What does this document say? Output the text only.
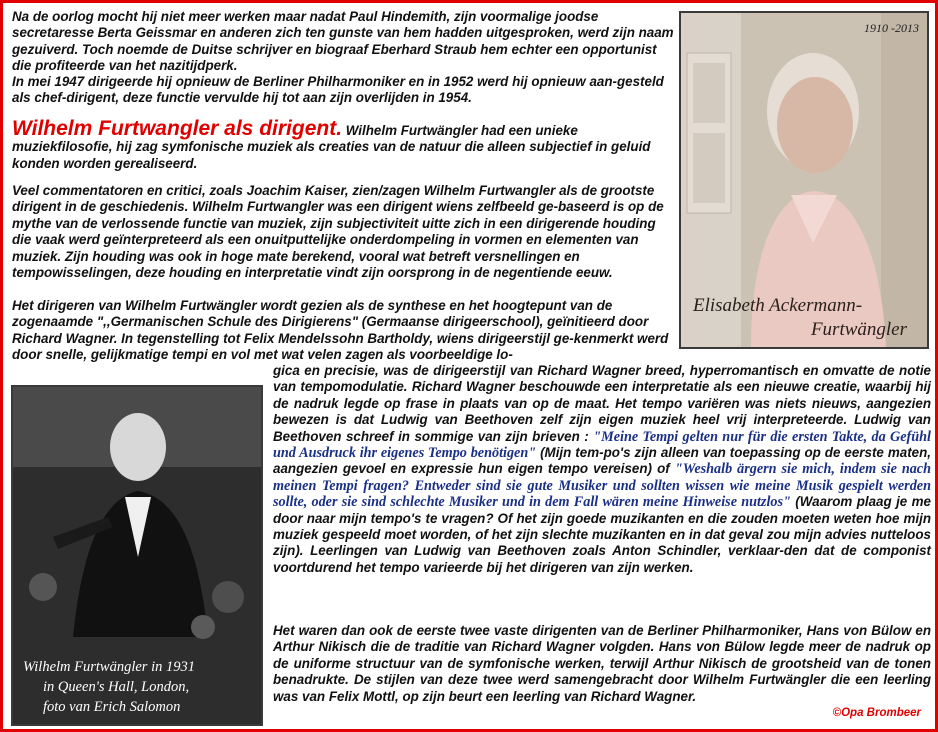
1910 -2013
Elisabeth Ackermann-
Furtwängler
Wilhelm Furtwängler in 1931
in Queen's Hall, London,
foto van Erich Salomon

Na de oorlog mocht hij niet meer werken maar nadat Paul Hindemith, zijn voormalige joodse secretaresse Berta Geissmar en anderen zich ten gunste van hem hadden uitgesproken, werd zijn naam gezuiverd. Toch noemde de Duitse schrijver en biograaf Eberhard Straub hem echter een opportunist die profiteerde van het nazitijdperk.

In mei 1947 dirigeerde hij opnieuw de Berliner Philharmoniker en in 1952 werd hij opnieuw aan-gesteld als chef-dirigent, deze functie vervulde hij tot aan zijn overlijden in 1954.

Wilhelm Furtwangler als dirigent. Wilhelm Furtwängler had een unieke muziekfilosofie, hij zag symfonische muziek als creaties van de natuur die alleen subjectief in geluid konden worden gerealiseerd.

Veel commentatoren en critici, zoals Joachim Kaiser, zien/zagen Wilhelm Furtwangler als de grootste dirigent in de geschiedenis. Wilhelm Furtwangler was een dirigent wiens zelfbeeld ge-baseerd is op de mythe van de verlossende functie van muziek, zijn subjectiviteit uitte zich in een dirigerende houding die vaak werd geïnterpreteerd als een onuitputtelijke onderdompeling in vormen en elementen van muziek. Zijn houding was ook in hoge mate berekend, vooral wat betreft versnellingen en tempowisselingen, deze houding en interpretatie vindt zijn oorsprong in de negentiende eeuw.

Het dirigeren van Wilhelm Furtwängler wordt gezien als de synthese en het hoogtepunt van de zogenaamde ",,Germanischen Schule des Dirigierens" (Germaanse dirigeerschool), geïnitieerd door Richard Wagner. In tegenstelling tot Felix Mendelssohn Bartholdy, wiens dirigeerstijl ge-kenmerkt werd door snelle, gelijkmatige tempi en vol met wat velen zagen als voorbeeldige lo-

gica en precisie, was de dirigeerstijl van Richard Wagner breed, hyperromantisch en omvatte de notie van tempomodulatie. Richard Wagner beschouwde een interpretatie als een nieuwe creatie, waarbij hij de nadruk legde op frase in plaats van op de maat. Het tempo variëren was niets nieuws, aangezien bewezen is dat Ludwig van Beethoven zelf zijn eigen muziek heel vrij interpreteerde. Ludwig van Beethoven schreef in sommige van zijn brieven : "Meine Tempi gelten nur für die ersten Takte, da Gefühl und Ausdruck ihr eigenes Tempo benötigen" (Mijn tem-po's zijn alleen van toepassing op de eerste maten, aangezien gevoel en expressie hun eigen tempo vereisen) of "Weshalb ärgern sie mich, indem sie nach meinen Tempi fragen? Entweder sind sie gute Musiker und sollten wissen wie meine Musik gespielt werden sollte, oder sie sind schlechte Musiker und in dem Fall wären meine Hinweise nutzlos" (Waarom plaag je me door naar mijn tempo's te vragen? Of het zijn goede muzikanten en die zouden moeten weten hoe mijn muziek gespeeld moet worden, of het zijn slechte muzikanten en in dat geval zou mijn advies nutteloos zijn). Leerlingen van Ludwig van Beethoven zoals Anton Schindler, verklaar-den dat de componist voortdurend het tempo varieerde bij het dirigeren van zijn werken.

Het waren dan ook de eerste twee vaste dirigenten van de Berliner Philharmoniker, Hans von Bülow en Arthur Nikisch die de traditie van Richard Wagner volgden. Hans von Bülow legde meer de nadruk op de uniforme structuur van de symfonische werken, terwijl Arthur Nikisch de grootsheid van de tonen benadrukte. De stijlen van deze twee werd samengebracht door Wilhelm Furtwängler die een leerling was van Felix Mottl, op zijn beurt een leerling van Richard Wagner.

©Opa Brombeer
